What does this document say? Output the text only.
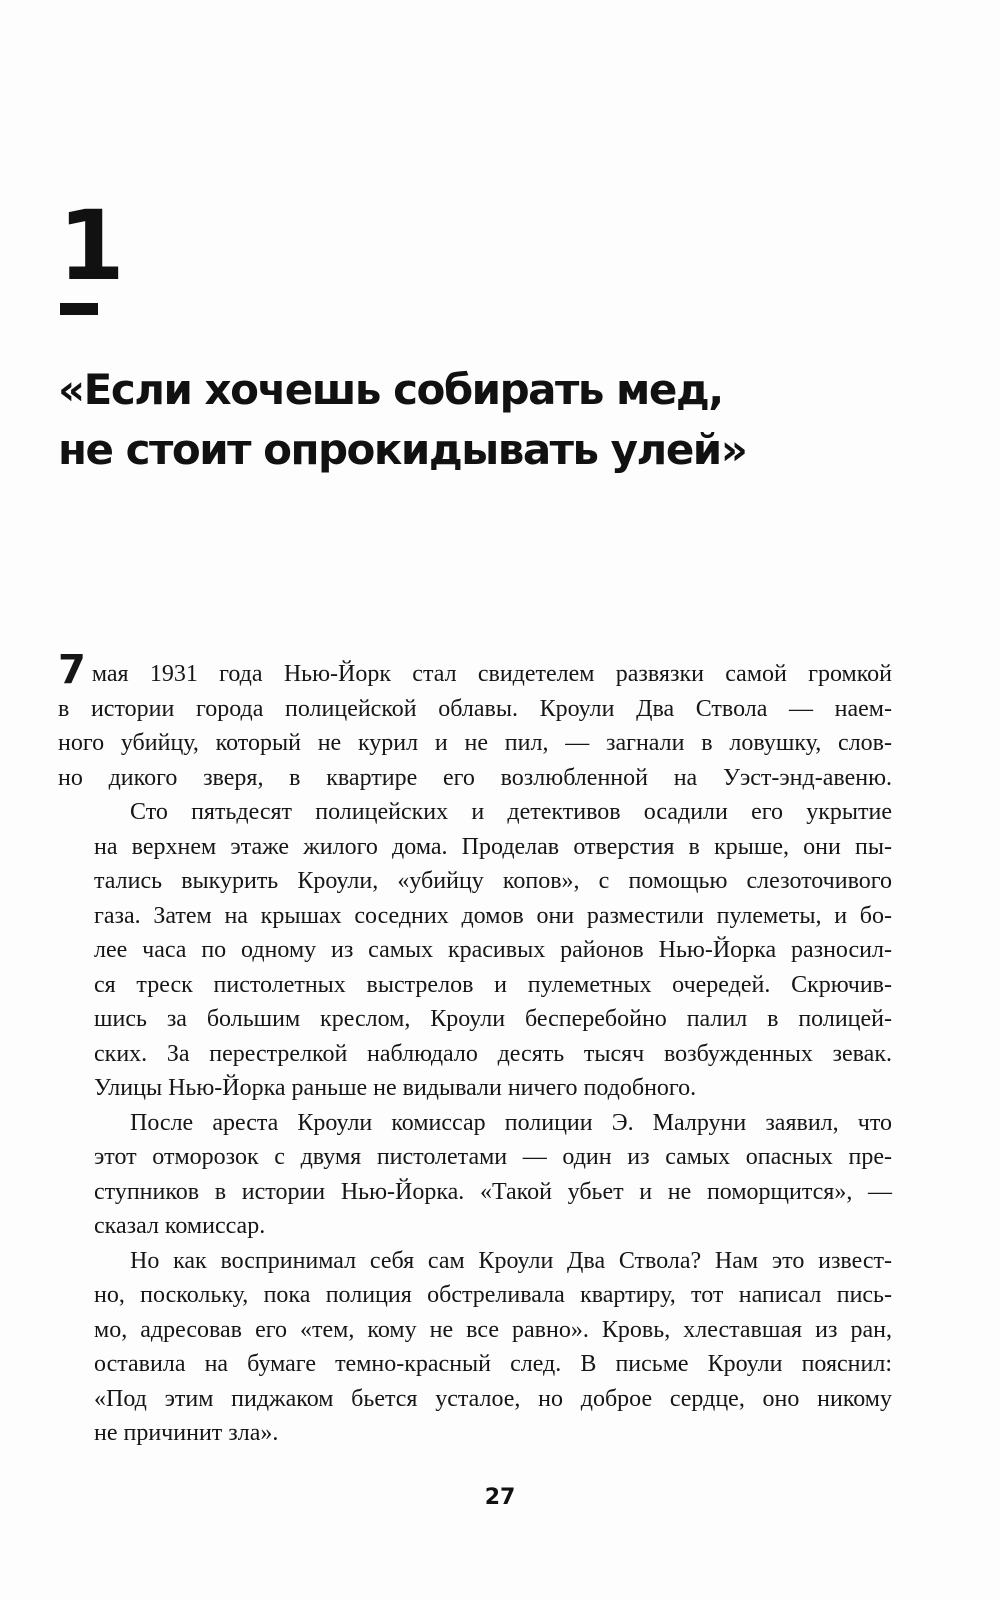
1
«Если хочешь собирать мед,
не стоит опрокидывать улей»
7 мая 1931 года Нью-Йорк стал свидетелем развязки самой громкой
в истории города полицейской облавы. Кроули Два Ствола — наем-
ного убийцу, который не курил и не пил, — загнали в ловушку, слов-
но дикого зверя, в квартире его возлюбленной на Уэст-энд-авеню.
Сто пятьдесят полицейских и детективов осадили его укрытие
на верхнем этаже жилого дома. Проделав отверстия в крыше, они пы-
тались выкурить Кроули, «убийцу копов», с помощью слезоточивого
газа. Затем на крышах соседних домов они разместили пулеметы, и бо-
лее часа по одному из самых красивых районов Нью-Йорка разносил-
ся треск пистолетных выстрелов и пулеметных очередей. Скрючив-
шись за большим креслом, Кроули бесперебойно палил в полицей-
ских. За перестрелкой наблюдало десять тысяч возбужденных зевак.
Улицы Нью-Йорка раньше не видывали ничего подобного.
После ареста Кроули комиссар полиции Э. Малруни заявил, что
этот отморозок с двумя пистолетами — один из самых опасных пре-
ступников в истории Нью-Йорка. «Такой убьет и не поморщится», —
сказал комиссар.
Но как воспринимал себя сам Кроули Два Ствола? Нам это извест-
но, поскольку, пока полиция обстреливала квартиру, тот написал пись-
мо, адресовав его «тем, кому не все равно». Кровь, хлеставшая из ран,
оставила на бумаге темно-красный след. В письме Кроули пояснил:
«Под этим пиджаком бьется усталое, но доброе сердце, оно никому
не причинит зла».
27
